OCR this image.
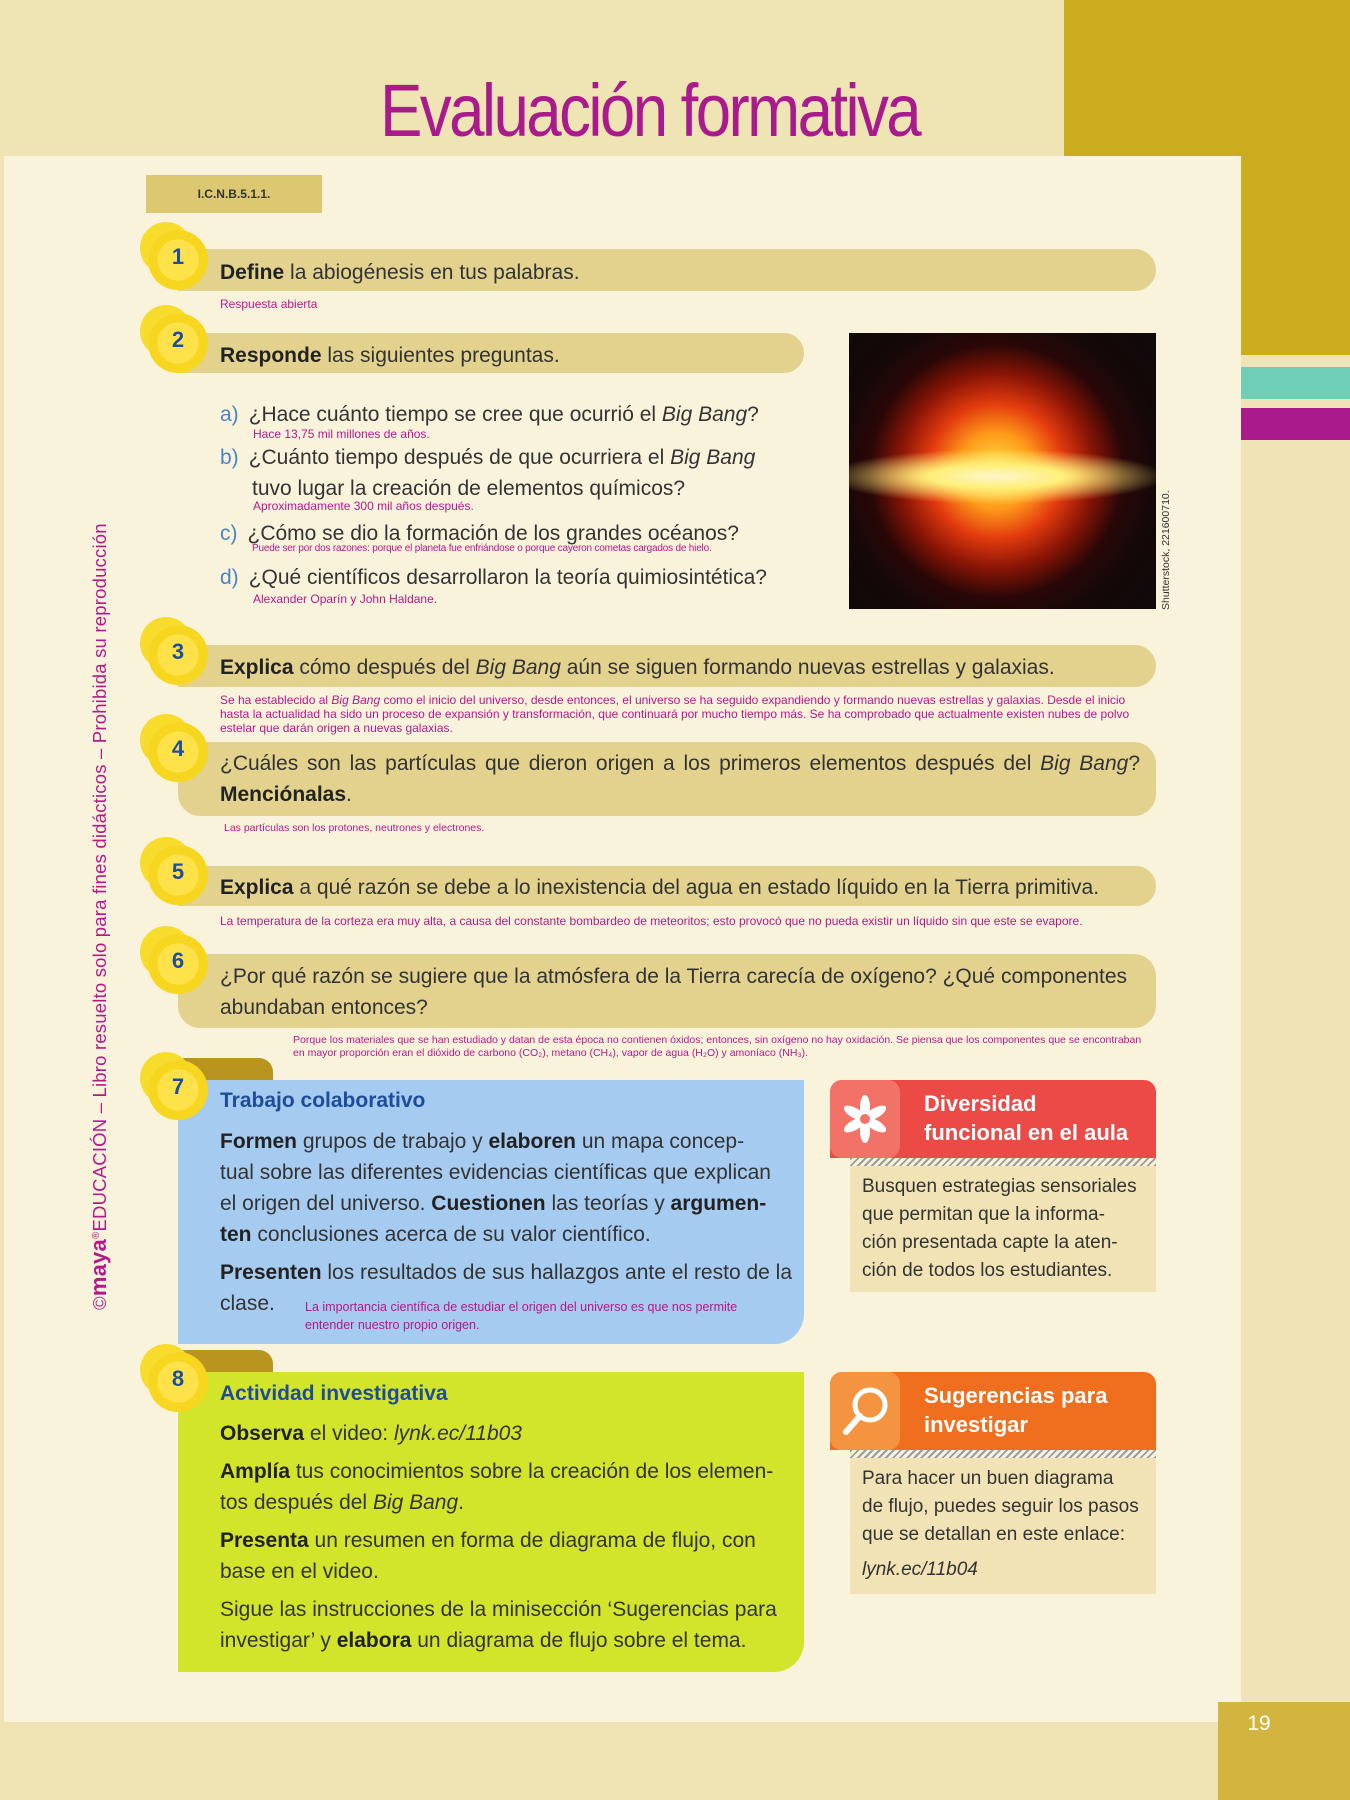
19
Evaluación formativa
I.C.N.B.5.1.1.
©maya®EDUCACIÓN – Libro resuelto solo para fines didácticos – Prohibida su reproducción
1
Define la abiogénesis en tus palabras.
Respuesta abierta
2
Responde las siguientes preguntas.
a) ¿Hace cuánto tiempo se cree que ocurrió el Big Bang?
Hace 13,75 mil millones de años.
b) ¿Cuánto tiempo después de que ocurriera el Big Bang
tuvo lugar la creación de elementos químicos?
Aproximadamente 300 mil años después.
c) ¿Cómo se dio la formación de los grandes océanos?
Puede ser por dos razones: porque el planeta fue enfriándose o porque cayeron cometas cargados de hielo.
d) ¿Qué científicos desarrollaron la teoría quimiosintética?
Alexander Oparín y John Haldane.	Shutterstock, 221600710.
3
Explica cómo después del Big Bang aún se siguen formando nuevas estrellas y galaxias.
Se ha establecido al Big Bang como el inicio del universo, desde entonces, el universo se ha seguido expandiendo y formando nuevas estrellas y galaxias. Desde el inicio hasta la actualidad ha sido un proceso de expansión y transformación, que continuará por mucho tiempo más. Se ha comprobado que actualmente existen nubes de polvo estelar que darán origen a nuevas galaxias.
4
¿Cuáles son las partículas que dieron origen a los primeros elementos después del Big Bang?
Menciónalas.
Las partículas son los protones, neutrones y electrones.
5
Explica a qué razón se debe a lo inexistencia del agua en estado líquido en la Tierra primitiva.
La temperatura de la corteza era muy alta, a causa del constante bombardeo de meteoritos; esto provocó que no pueda existir un líquido sin que este se evapore.
6
¿Por qué razón se sugiere que la atmósfera de la Tierra carecía de oxígeno? ¿Qué componentes
abundaban entonces?
Porque los materiales que se han estudiado y datan de esta época no contienen óxidos; entonces, sin oxígeno no hay oxidación. Se piensa que los componentes que se encontraban en mayor proporción eran el dióxido de carbono (CO₂), metano (CH₄), vapor de agua (H₂O) y amoníaco (NH₃).
7
Trabajo colaborativo
Formen grupos de trabajo y elaboren un mapa concep-
tual sobre las diferentes evidencias científicas que explican
el origen del universo. Cuestionen las teorías y argumen-
ten conclusiones acerca de su valor científico.
Presenten los resultados de sus hallazgos ante el resto de la
clase.	La importancia científica de estudiar el origen del universo es que nos permite entender nuestro propio origen.
Diversidad
funcional en el aula
Busquen estrategias sensoriales
que permitan que la informa-
ción presentada capte la aten-
ción de todos los estudiantes.
8
Actividad investigativa
Observa el video: lynk.ec/11b03
Amplía tus conocimientos sobre la creación de los elemen-
tos después del Big Bang.
Presenta un resumen en forma de diagrama de flujo, con
base en el video.
Sigue las instrucciones de la minisección ‘Sugerencias para
investigar’ y elabora un diagrama de flujo sobre el tema.
Sugerencias para
investigar
Para hacer un buen diagrama
de flujo, puedes seguir los pasos
que se detallan en este enlace:
lynk.ec/11b04
